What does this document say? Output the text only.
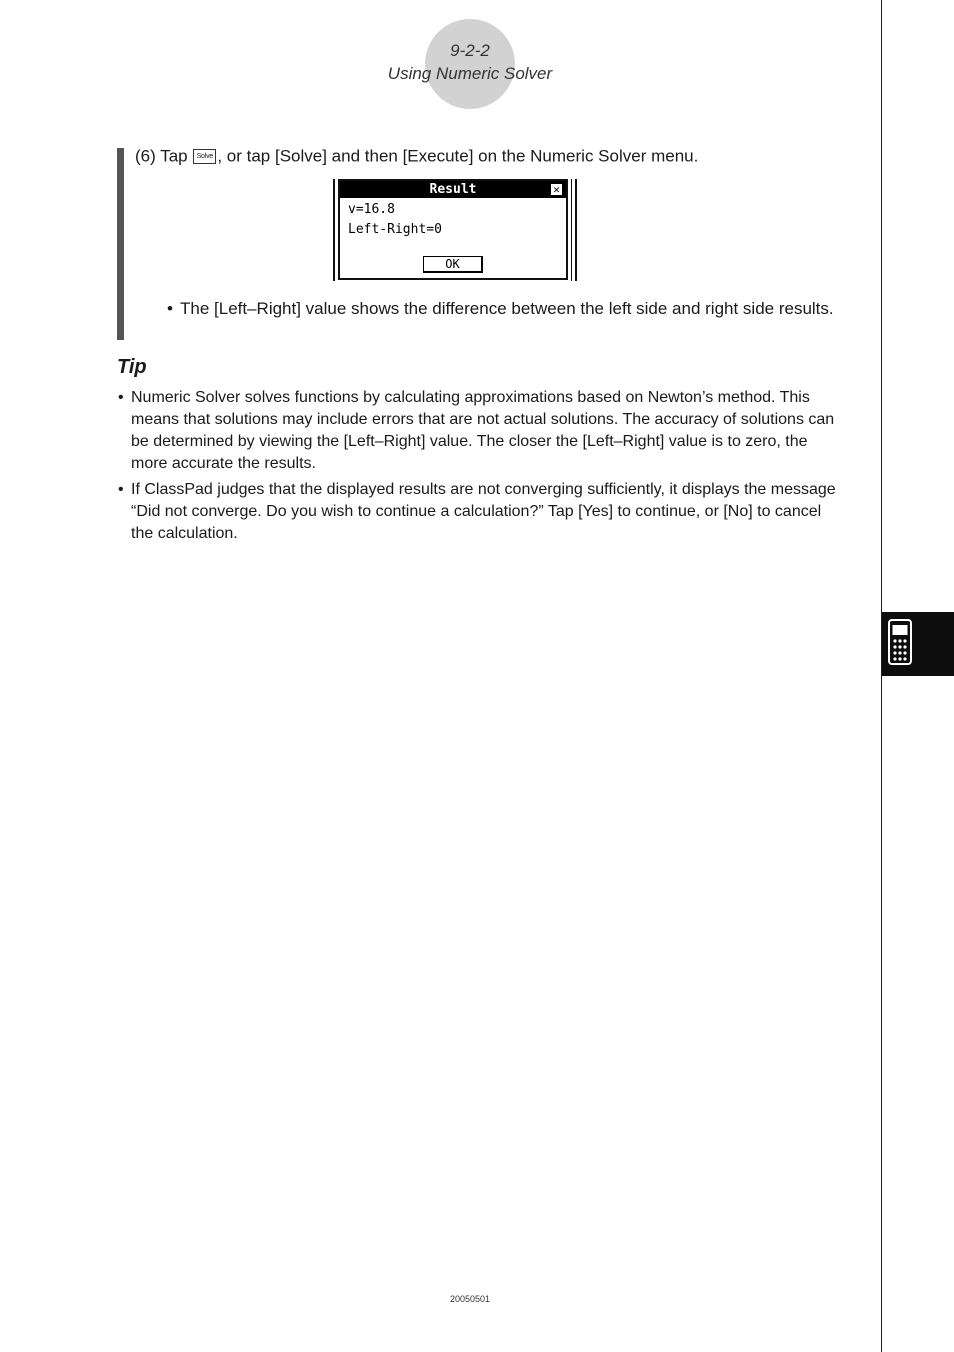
9-2-2
Using Numeric Solver
(6) Tap Solve , or tap [Solve] and then [Execute] on the Numeric Solver menu.
Result	✕
v=16.8
Left-Right=0
OK
• The [Left–Right] value shows the difference between the left side and right side results.
Tip
• Numeric Solver solves functions by calculating approximations based on Newton’s method. This means that solutions may include errors that are not actual solutions. The accuracy of solutions can be determined by viewing the [Left–Right] value. The closer the [Left–Right] value is to zero, the more accurate the results.
• If ClassPad judges that the displayed results are not converging sufficiently, it displays the message “Did not converge. Do you wish to continue a calculation?” Tap [Yes] to continue, or [No] to cancel the calculation.
20050501
